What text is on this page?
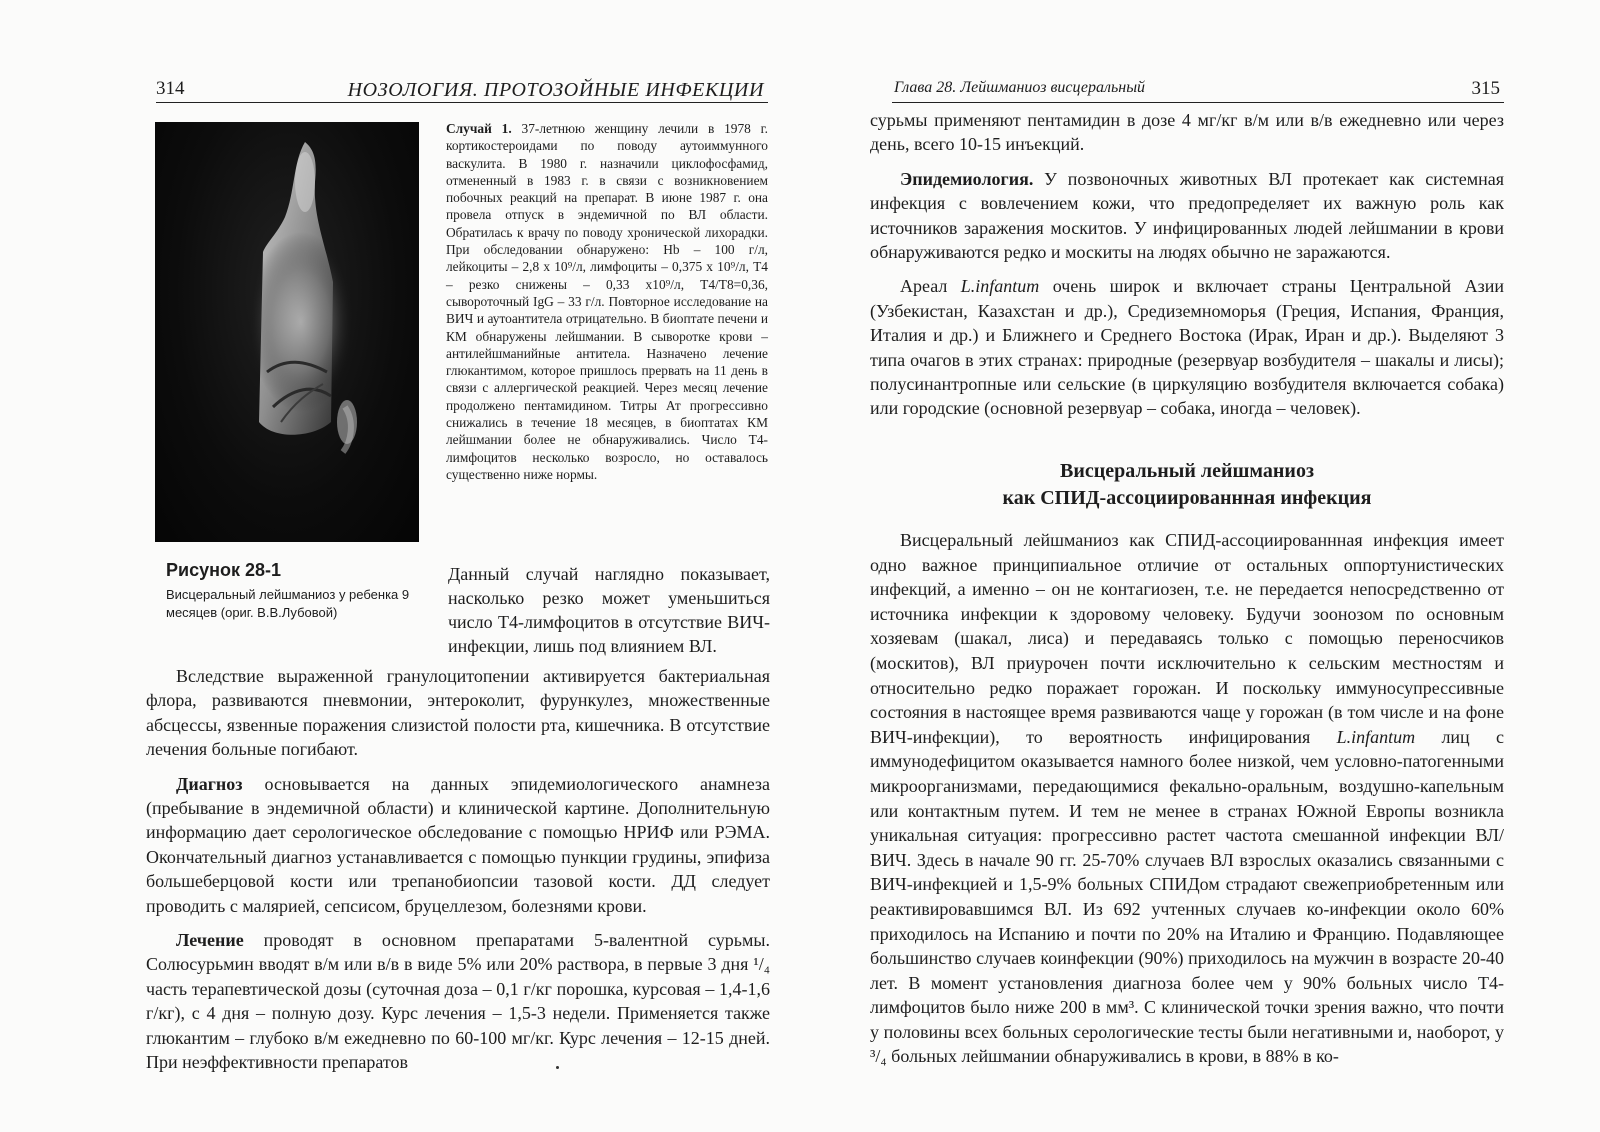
314	НОЗОЛОГИЯ. ПРОТОЗОЙНЫЕ ИНФЕКЦИИ
Рисунок 28-1
Висцеральный лейшманиоз у ребенка 9 месяцев (ориг. В.В.Лубовой)
Случай 1. 37-летнюю женщину лечили в 1978 г. кортикостероидами по поводу аутоиммунного васкулита. В 1980 г. назначили циклофосфамид, отмененный в 1983 г. в связи с возникновением побочных реакций на препарат. В июне 1987 г. она провела отпуск в эндемичной по ВЛ области. Обратилась к врачу по поводу хронической лихорадки. При обследовании обнаружено: Hb – 100 г/л, лейкоциты – 2,8 x 10⁹/л, лимфоциты – 0,375 x 10⁹/л, Т4 – резко снижены – 0,33 x10⁹/л, Т4/Т8=0,36, сывороточный IgG – 33 г/л. Повторное исследование на ВИЧ и аутоантитела отрицательно. В биоптате печени и КМ обнаружены лейшмании. В сыворотке крови – антилейшманийные антитела. Назначено лечение глюкантимом, которое пришлось прервать на 11 день в связи с аллергической реакцией. Через месяц лечение продолжено пентамидином. Титры Ат прогрессивно снижались в течение 18 месяцев, в биоптатах КМ лейшмании более не обнаруживались. Число Т4-лимфоцитов несколько возросло, но оставалось существенно ниже нормы.
Данный случай наглядно показывает, насколько резко может уменьшиться число Т4-лимфоцитов в отсутствие ВИЧ-инфекции, лишь под влиянием ВЛ.

Вследствие выраженной гранулоцитопении активируется бактериальная флора, развиваются пневмонии, энтероколит, фурункулез, множественные абсцессы, язвенные поражения слизистой полости рта, кишечника. В отсутствие лечения больные погибают.

Диагноз основывается на данных эпидемиологического анамнеза (пребывание в эндемичной области) и клинической картине. Дополнительную информацию дает серологическое обследование с помощью НРИФ или РЭМА. Окончательный диагноз устанавливается с помощью пункции грудины, эпифиза большеберцовой кости или трепанобиопсии тазовой кости. ДД следует проводить с малярией, сепсисом, бруцеллезом, болезнями крови.

Лечение проводят в основном препаратами 5-валентной сурьмы. Солюсурьмин вводят в/м или в/в в виде 5% или 20% раствора, в первые 3 дня ¹/₄ часть терапевтической дозы (суточная доза – 0,1 г/кг порошка, курсовая – 1,4-1,6 г/кг), с 4 дня – полную дозу. Курс лечения – 1,5-3 недели. Применяется также глюкантим – глубоко в/м ежедневно по 60-100 мг/кг. Курс лечения – 12-15 дней. При неэффективности препаратов

Глава 28. Лейшманиоз висцеральный	315

сурьмы применяют пентамидин в дозе 4 мг/кг в/м или в/в ежедневно или через день, всего 10-15 инъекций.

Эпидемиология. У позвоночных животных ВЛ протекает как системная инфекция с вовлечением кожи, что предопределяет их важную роль как источников заражения москитов. У инфицированных людей лейшмании в крови обнаруживаются редко и москиты на людях обычно не заражаются.

Ареал L.infantum очень широк и включает страны Центральной Азии (Узбекистан, Казахстан и др.), Средиземноморья (Греция, Испания, Франция, Италия и др.) и Ближнего и Среднего Востока (Ирак, Иран и др.). Выделяют 3 типа очагов в этих странах: природные (резервуар возбудителя – шакалы и лисы); полусинантропные или сельские (в циркуляцию возбудителя включается собака) или городские (основной резервуар – собака, иногда – человек).

Висцеральный лейшманиоз
как СПИД-ассоциированнная инфекция

Висцеральный лейшманиоз как СПИД-ассоциированнная инфекция имеет одно важное принципиальное отличие от остальных оппортунистических инфекций, а именно – он не контагиозен, т.е. не передается непосредственно от источника инфекции к здоровому человеку. Будучи зоонозом по основным хозяевам (шакал, лиса) и передаваясь только с помощью переносчиков (москитов), ВЛ приурочен почти исключительно к сельским местностям и относительно редко поражает горожан. И поскольку иммуносупрессивные состояния в настоящее время развиваются чаще у горожан (в том числе и на фоне ВИЧ-инфекции), то вероятность инфицирования L.infantum лиц с иммунодефицитом оказывается намного более низкой, чем условно-патогенными микроорганизмами, передающимися фекально-оральным, воздушно-капельным или контактным путем. И тем не менее в странах Южной Европы возникла уникальная ситуация: прогрессивно растет частота смешанной инфекции ВЛ/ВИЧ. Здесь в начале 90 гг. 25-70% случаев ВЛ взрослых оказались связанными с ВИЧ-инфекцией и 1,5-9% больных СПИДом страдают свежеприобретенным или реактивировавшимся ВЛ. Из 692 учтенных случаев ко-инфекции около 60% приходилось на Испанию и почти по 20% на Италию и Францию. Подавляющее большинство случаев коинфекции (90%) приходилось на мужчин в возрасте 20-40 лет. В момент установления диагноза более чем у 90% больных число Т4-лимфоцитов было ниже 200 в мм³. С клинической точки зрения важно, что почти у половины всех больных серологические тесты были негативными и, наоборот, у ³/₄ больных лейшмании обнаруживались в крови, в 88% в ко-
